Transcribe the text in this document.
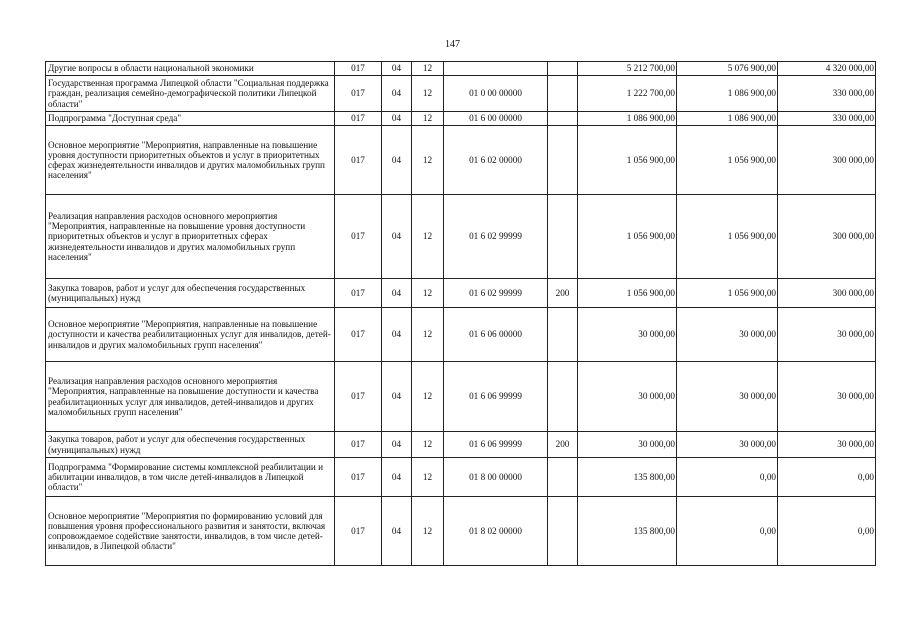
147
Другие вопросы в области национальной экономики	017	04	12			5 212 700,00	5 076 900,00	4 320 000,00
Государственная программа Липецкой области "Социальная поддержка граждан, реализация семейно-демографической политики Липецкой области"	017	04	12	01 0 00 00000		1 222 700,00	1 086 900,00	330 000,00
Подпрограмма "Доступная среда"	017	04	12	01 6 00 00000		1 086 900,00	1 086 900,00	330 000,00
Основное мероприятие "Мероприятия, направленные на повышение уровня доступности приоритетных объектов и услуг в приоритетных сферах жизнедеятельности инвалидов и других маломобильных групп населения"	017	04	12	01 6 02 00000		1 056 900,00	1 056 900,00	300 000,00
Реализация направления расходов основного мероприятия "Мероприятия, направленные на повышение уровня доступности приоритетных объектов и услуг в приоритетных сферах жизнедеятельности инвалидов и других маломобильных групп населения"	017	04	12	01 6 02 99999		1 056 900,00	1 056 900,00	300 000,00
Закупка товаров, работ и услуг для обеспечения государственных (муниципальных) нужд	017	04	12	01 6 02 99999	200	1 056 900,00	1 056 900,00	300 000,00
Основное мероприятие "Мероприятия, направленные на повышение доступности и качества реабилитационных услуг для инвалидов, детей-инвалидов и других маломобильных групп населения"	017	04	12	01 6 06 00000		30 000,00	30 000,00	30 000,00
Реализация направления расходов основного мероприятия "Мероприятия, направленные на повышение доступности и качества реабилитационных услуг для инвалидов, детей-инвалидов и других маломобильных групп населения"	017	04	12	01 6 06 99999		30 000,00	30 000,00	30 000,00
Закупка товаров, работ и услуг для обеспечения государственных (муниципальных) нужд	017	04	12	01 6 06 99999	200	30 000,00	30 000,00	30 000,00
Подпрограмма "Формирование системы комплексной реабилитации и абилитации инвалидов, в том числе детей-инвалидов в Липецкой области"	017	04	12	01 8 00 00000		135 800,00	0,00	0,00
Основное мероприятие "Мероприятия по формированию условий для повышения уровня профессионального развития и занятости, включая сопровождаемое содействие занятости, инвалидов, в том числе детей-инвалидов, в Липецкой области"	017	04	12	01 8 02 00000		135 800,00	0,00	0,00
